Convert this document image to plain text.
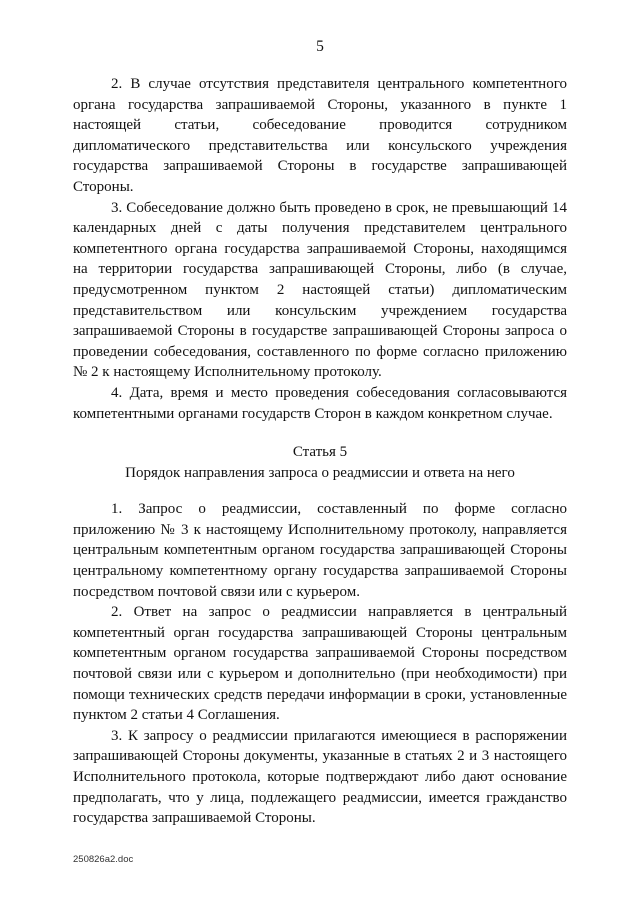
5

2. В случае отсутствия представителя центрального компетентного органа государства запрашиваемой Стороны, указанного в пункте 1 настоящей статьи, собеседование проводится сотрудником дипломатического представительства или консульского учреждения государства запрашиваемой Стороны в государстве запрашивающей Стороны.

3. Собеседование должно быть проведено в срок, не превышающий 14 календарных дней с даты получения представителем центрального компетентного органа государства запрашиваемой Стороны, находящимся на территории государства запрашивающей Стороны, либо (в случае, предусмотренном пунктом 2 настоящей статьи) дипломатическим представительством или консульским учреждением государства запрашиваемой Стороны в государстве запрашивающей Стороны запроса о проведении собеседования, составленного по форме согласно приложению № 2 к настоящему Исполнительному протоколу.

4. Дата, время и место проведения собеседования согласовываются компетентными органами государств Сторон в каждом конкретном случае.

Статья 5

Порядок направления запроса о реадмиссии и ответа на него

1. Запрос о реадмиссии, составленный по форме согласно приложению № 3 к настоящему Исполнительному протоколу, направляется центральным компетентным органом государства запрашивающей Стороны центральному компетентному органу государства запрашиваемой Стороны посредством почтовой связи или с курьером.

2. Ответ на запрос о реадмиссии направляется в центральный компетентный орган государства запрашивающей Стороны центральным компетентным органом государства запрашиваемой Стороны посредством почтовой связи или с курьером и дополнительно (при необходимости) при помощи технических средств передачи информации в сроки, установленные пунктом 2 статьи 4 Соглашения.

3. К запросу о реадмиссии прилагаются имеющиеся в распоряжении запрашивающей Стороны документы, указанные в статьях 2 и 3 настоящего Исполнительного протокола, которые подтверждают либо дают основание предполагать, что у лица, подлежащего реадмиссии, имеется гражданство государства запрашиваемой Стороны.

250826a2.doc
